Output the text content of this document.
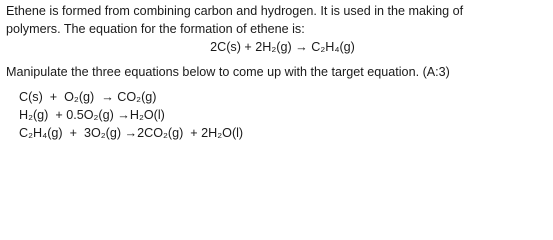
Ethene is formed from combining carbon and hydrogen. It is used in the making of

polymers. The equation for the formation of ethene is:

2C(s) + 2H₂(g) → C₂H₄(g)

Manipulate the three equations below to come up with the target equation. (A:3)

C(s)  +  O₂(g)  → CO₂(g)

H₂(g)  + 0.5O₂(g) →H₂O(l)

C₂H₄(g)  +  3O₂(g) →2CO₂(g)  + 2H₂O(l)
